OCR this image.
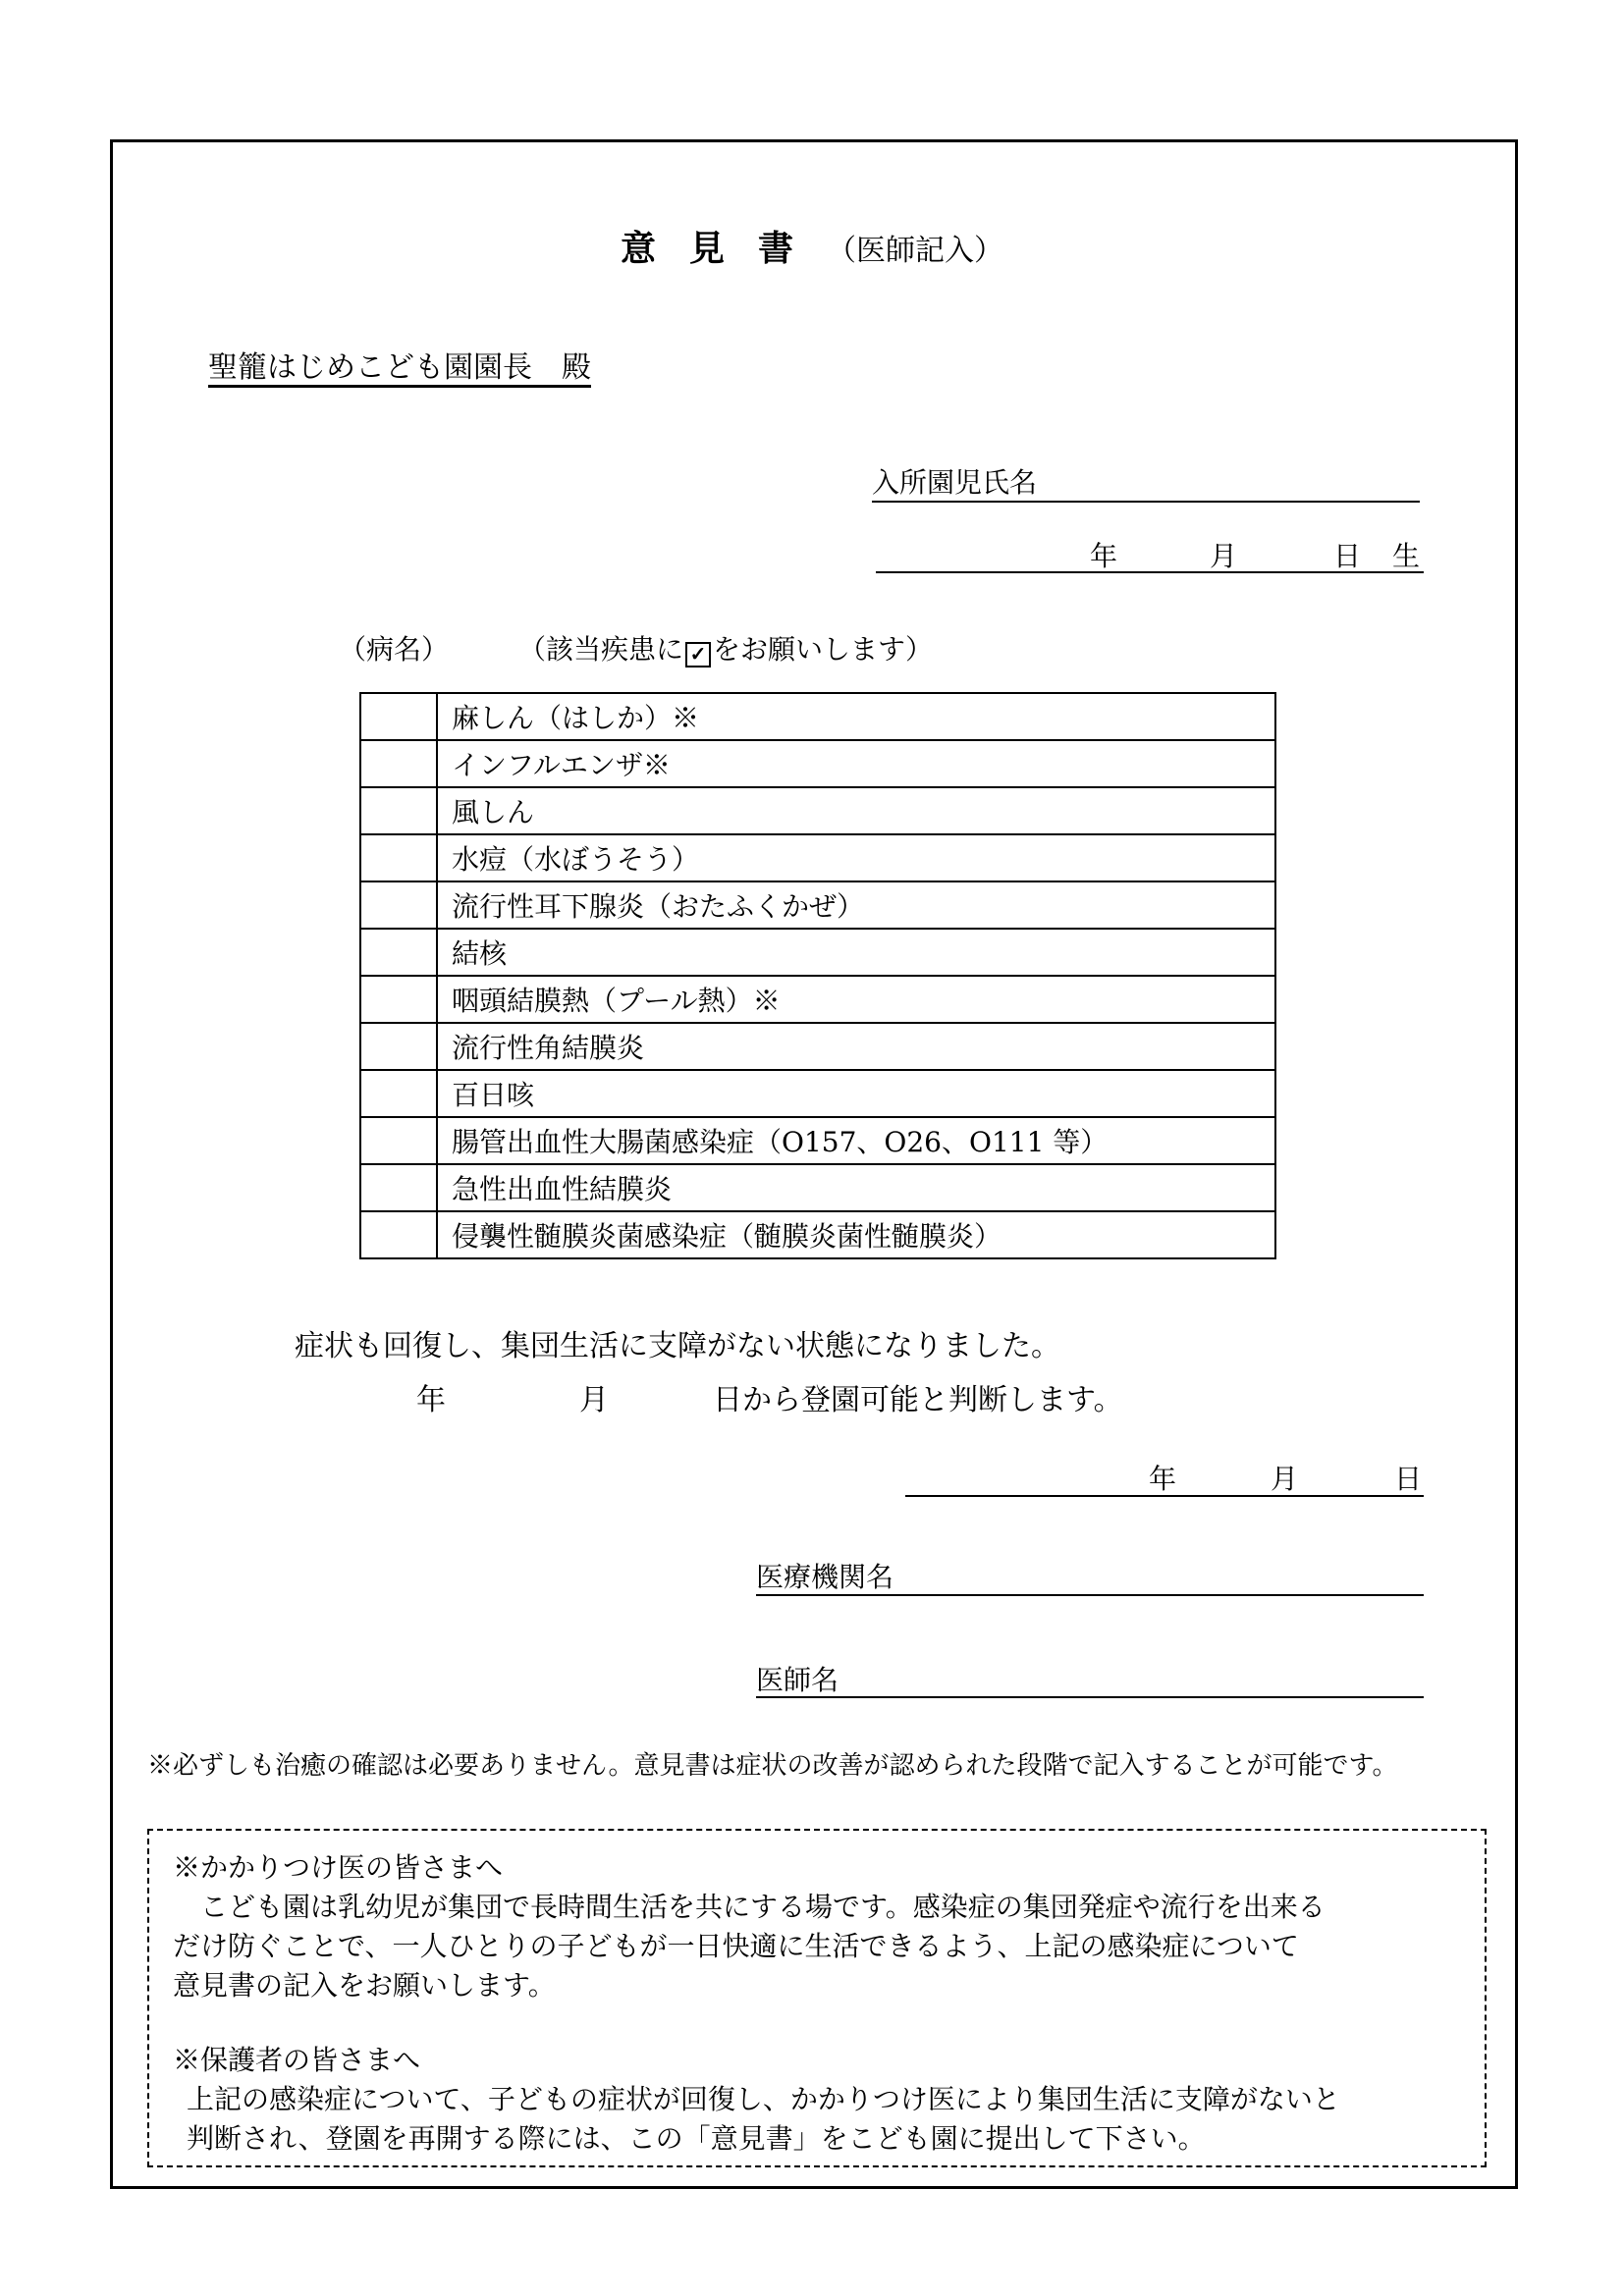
意見書（医師記入）
聖籠はじめこども園園長　殿
入所園児氏名
年	月	日 生
（病名）	（該当疾患に ✓ をお願いします）
	麻しん（はしか）※
	インフルエンザ※
	風しん
	水痘（水ぼうそう）
	流行性耳下腺炎（おたふくかぜ）
	結核
	咽頭結膜熱（プール熱）※
	流行性角結膜炎
	百日咳
	腸管出血性大腸菌感染症（O157、O26、O111 等）
	急性出血性結膜炎
	侵襲性髄膜炎菌感染症（髄膜炎菌性髄膜炎）
症状も回復し、集団生活に支障がない状態になりました。
年	月	日から登園可能と判断します。
年	月	日
医療機関名
医師名
※必ずしも治癒の確認は必要ありません。意見書は症状の改善が認められた段階で記入することが可能です。

※かかりつけ医の皆さまへ

こども園は乳幼児が集団で長時間生活を共にする場です。感染症の集団発症や流行を出来る

だけ防ぐことで、一人ひとりの子どもが一日快適に生活できるよう、上記の感染症について

意見書の記入をお願いします。

※保護者の皆さまへ

上記の感染症について、子どもの症状が回復し、かかりつけ医により集団生活に支障がないと

判断され、登園を再開する際には、この「意見書」をこども園に提出して下さい。
